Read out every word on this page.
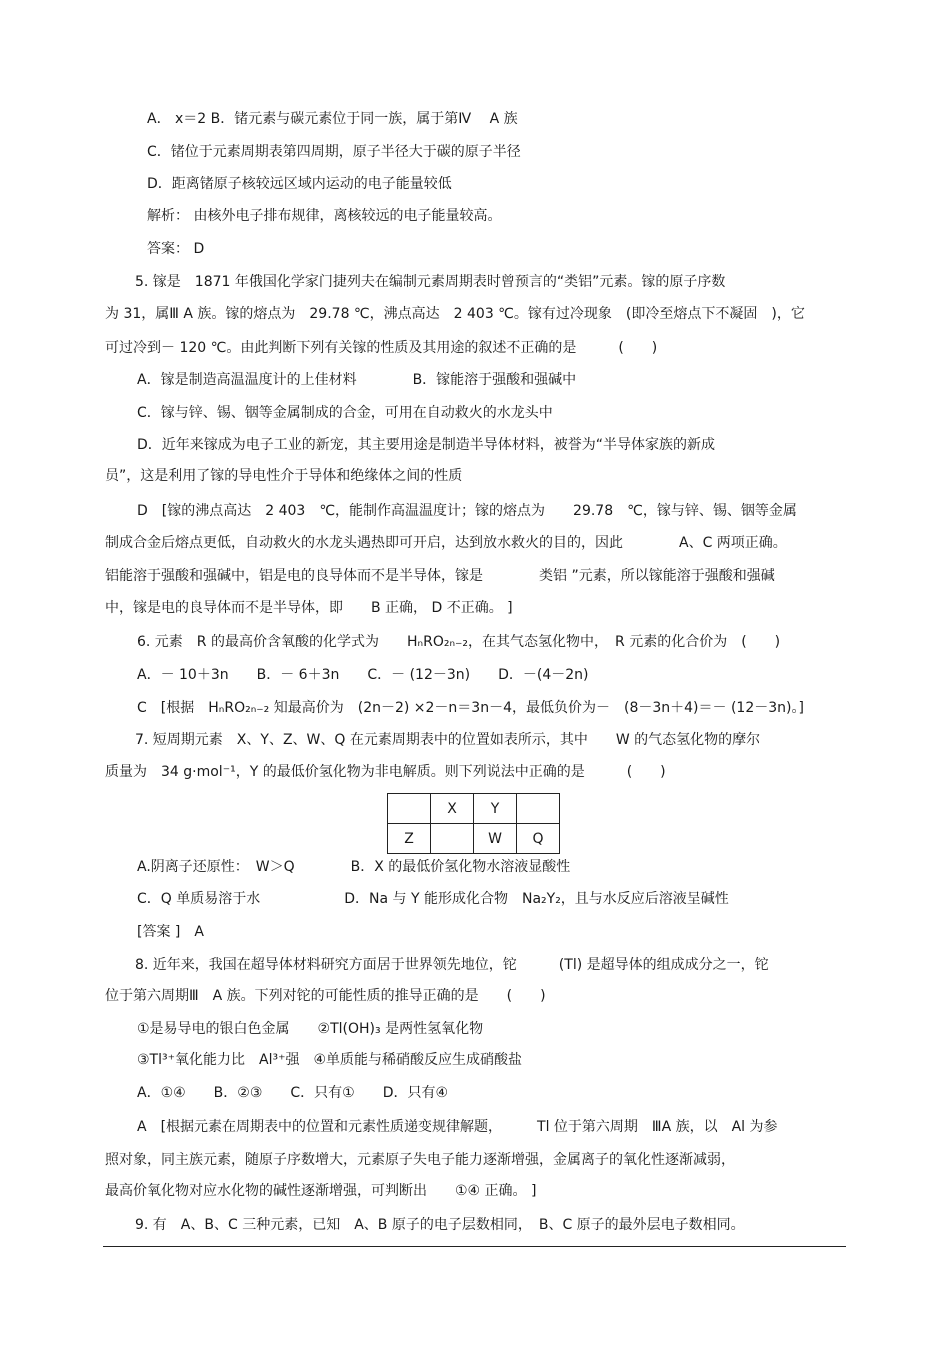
A． x＝2 B．锗元素与碳元素位于同一族，属于第Ⅳ　 A 族
C．锗位于元素周期表第四周期，原子半径大于碳的原子半径
D．距离锗原子核较远区域内运动的电子能量较低
解析： 由核外电子排布规律，离核较远的电子能量较高。
答案： D
5. 镓是　1871 年俄国化学家门捷列夫在编制元素周期表时曾预言的“类铝”元素。镓的原子序数
为 31，属Ⅲ A 族。镓的熔点为　29.78 ℃，沸点高达　2 403 ℃。镓有过冷现象　(即冷至熔点下不凝固　)，它
可过冷到－ 120 ℃。由此判断下列有关镓的性质及其用途的叙述不正确的是　　　(　　)
A．镓是制造高温温度计的上佳材料　　　　B．镓能溶于强酸和强碱中
C．镓与锌、锡、铟等金属制成的合金，可用在自动救火的水龙头中
D．近年来镓成为电子工业的新宠，其主要用途是制造半导体材料，被誉为“半导体家族的新成
员”，这是利用了镓的导电性介于导体和绝缘体之间的性质
D　[镓的沸点高达　2 403　℃，能制作高温温度计；镓的熔点为　　29.78　℃，镓与锌、锡、铟等金属
制成合金后熔点更低，自动救火的水龙头遇热即可开启，达到放水救火的目的，因此　　　　A、C 两项正确。
铝能溶于强酸和强碱中，铝是电的良导体而不是半导体，镓是　　　　类铝 ”元素，所以镓能溶于强酸和强碱
中，镓是电的良导体而不是半导体，即　　B 正确， D 不正确。 ]
6. 元素　R 的最高价含氧酸的化学式为　　HₙRO₂ₙ₋₂，在其气态氢化物中，　R 元素的化合价为　(　　)
A．－ 10＋3n　　B．－ 6＋3n　　C．－ (12－3n)　　D．－(4－2n)
C　[根据　HₙRO₂ₙ₋₂ 知最高价为　(2n－2) ×2－n＝3n－4，最低负价为－　(8－3n＋4)＝－ (12－3n)。]
7. 短周期元素　X、Y、Z、W、Q 在元素周期表中的位置如表所示，其中　　W 的气态氢化物的摩尔
质量为　34 g·mol⁻¹，Y 的最低价氢化物为非电解质。则下列说法中正确的是　　　(　　)
	X	Y	
Z		W	Q
A.阴离子还原性：　W＞Q　　　　B．X 的最低价氢化物水溶液显酸性
C．Q 单质易溶于水　　　　　　D．Na 与 Y 能形成化合物　Na₂Y₂，且与水反应后溶液呈碱性
[答案 ]　A
8. 近年来，我国在超导体材料研究方面居于世界领先地位，铊　　　(Tl) 是超导体的组成成分之一，铊
位于第六周期Ⅲ　A 族。下列对铊的可能性质的推导正确的是　　(　　)
①是易导电的银白色金属　　②Tl(OH)₃ 是两性氢氧化物
③Tl³⁺氧化能力比　Al³⁺强　④单质能与稀硝酸反应生成硝酸盐
A．①④　　B．②③　　C．只有①　　D．只有④
A　[根据元素在周期表中的位置和元素性质递变规律解题，　　　Tl 位于第六周期　ⅢA 族，以　Al 为参
照对象，同主族元素，随原子序数增大，元素原子失电子能力逐渐增强，金属离子的氧化性逐渐减弱，
最高价氧化物对应水化物的碱性逐渐增强，可判断出　　①④ 正确。 ]
9. 有　A、B、C 三种元素，已知　A、B 原子的电子层数相同，　B、C 原子的最外层电子数相同。
